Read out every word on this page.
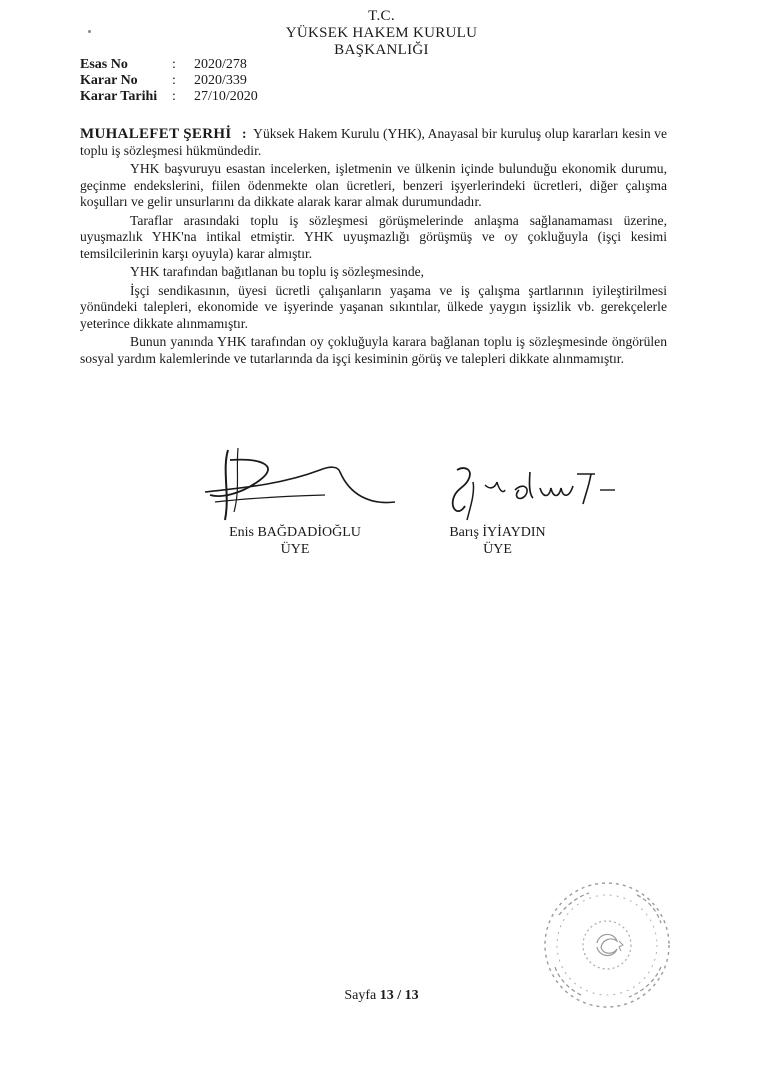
T.C.
YÜKSEK HAKEM KURULU
BAŞKANLIĞI
Esas No	:	2020/278
Karar No	:	2020/339
Karar Tarihi	:	27/10/2020

MUHALEFET ŞERHİ : Yüksek Hakem Kurulu (YHK), Anayasal bir kuruluş olup kararları kesin ve toplu iş sözleşmesi hükmündedir.

YHK başvuruyu esastan incelerken, işletmenin ve ülkenin içinde bulunduğu ekonomik durumu, geçinme endekslerini, fiilen ödenmekte olan ücretleri, benzeri işyerlerindeki ücretleri, diğer çalışma koşulları ve gelir unsurlarını da dikkate alarak karar almak durumundadır.

Taraflar arasındaki toplu iş sözleşmesi görüşmelerinde anlaşma sağlanamaması üzerine, uyuşmazlık YHK'na intikal etmiştir. YHK uyuşmazlığı görüşmüş ve oy çokluğuyla (işçi kesimi temsilcilerinin karşı oyuyla) karar almıştır.

YHK tarafından bağıtlanan bu toplu iş sözleşmesinde,

İşçi sendikasının, üyesi ücretli çalışanların yaşama ve iş çalışma şartlarının iyileştirilmesi yönündeki talepleri, ekonomide ve işyerinde yaşanan sıkıntılar, ülkede yaygın işsizlik vb. gerekçelerle yeterince dikkate alınmamıştır.

Bunun yanında YHK tarafından oy çokluğuyla karara bağlanan toplu iş sözleşmesinde öngörülen sosyal yardım kalemlerinde ve tutarlarında da işçi kesiminin görüş ve talepleri dikkate alınmamıştır.

Enis BAĞDADİOĞLU
ÜYE
Barış İYİAYDIN
ÜYE
Sayfa 13 / 13
